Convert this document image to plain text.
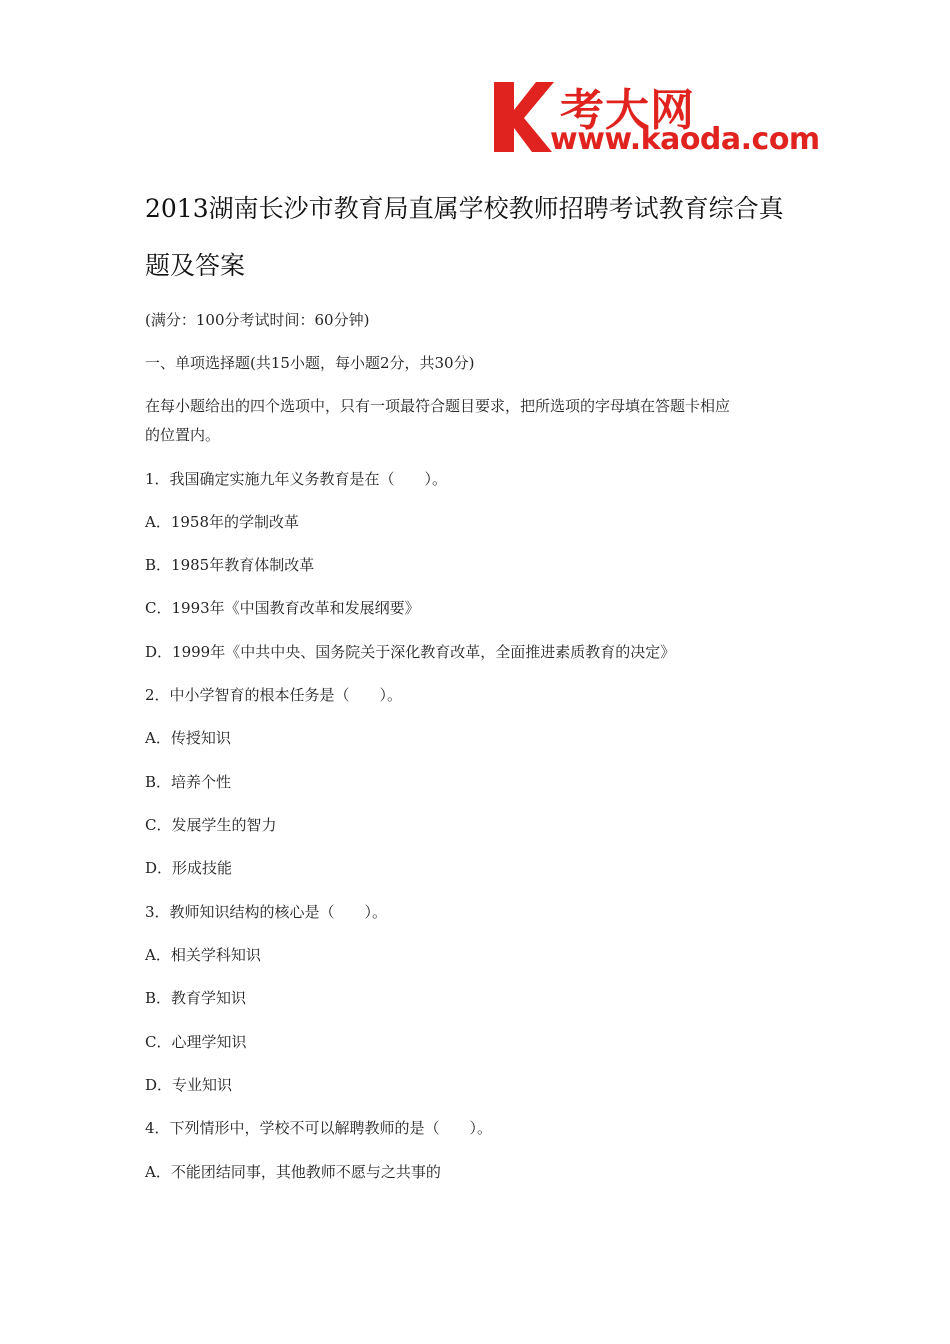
考大网
www.kaoda.com
2013湖南长沙市教育局直属学校教师招聘考试教育综合真
题及答案
(满分：100分考试时间：60分钟)
一、单项选择题(共15小题，每小题2分，共30分)
在每小题给出的四个选项中，只有一项最符合题目要求，把所选项的字母填在答题卡相应
的位置内。
1．我国确定实施九年义务教育是在（　　）。
A．1958年的学制改革
B．1985年教育体制改革
C．1993年《中国教育改革和发展纲要》
D．1999年《中共中央、国务院关于深化教育改革，全面推进素质教育的决定》
2．中小学智育的根本任务是（　　）。
A．传授知识
B．培养个性
C．发展学生的智力
D．形成技能
3．教师知识结构的核心是（　　）。
A．相关学科知识
B．教育学知识
C．心理学知识
D．专业知识
4．下列情形中，学校不可以解聘教师的是（　　）。
A．不能团结同事，其他教师不愿与之共事的
